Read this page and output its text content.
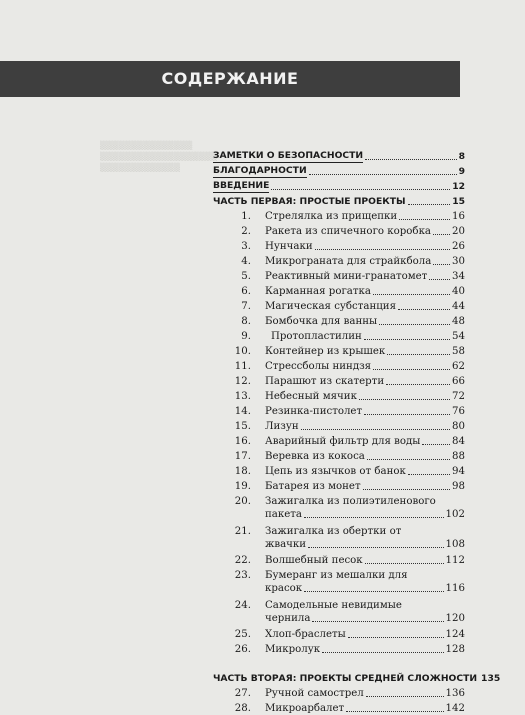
▒▒▒▒▒▒▒▒▒▒▒▒▒▒▒
▒▒▒▒▒▒▒▒▒▒▒▒▒▒▒▒▒▒▒
▒▒▒▒▒▒▒▒▒▒▒▒▒
СОДЕРЖАНИЕ
ЗАМЕТКИ О БЕЗОПАСНОСТИ	8
БЛАГОДАРНОСТИ	9
ВВЕДЕНИЕ	12
ЧАСТЬ ПЕРВАЯ: ПРОСТЫЕ ПРОЕКТЫ	15
1. Стрелялка из прищепки	16
2. Ракета из спичечного коробка 20
3. Нунчаки	26
4. Микрограната для страйкбола 30
5. Реактивный мини-гранатомет 34
6. Карманная рогатка	40
7. Магическая субстанция	44
8. Бомбочка для ванны	48
9. Протопластилин	54
10. Контейнер из крышек	58
11. Стрессболы ниндзя	62
12. Парашют из скатерти	66
13. Небесный мячик	72
14. Резинка-пистолет	76
15. Лизун	80
16. Аварийный фильтр для воды	84
17. Веревка из кокоса	88
18. Цепь из язычков от банок	94
19. Батарея из монет	98
20. Зажигалка из полиэтиленового
пакета	102
21. Зажигалка из обертки от
жвачки	108
22. Волшебный песок	112
23. Бумеранг из мешалки для
красок	116
24. Самодельные невидимые
чернила	120
25. Хлоп-браслеты	124
26. Микролук	128
ЧАСТЬ ВТОРАЯ: ПРОЕКТЫ СРЕДНЕЙ СЛОЖНОСТИ 135
27. Ручной самострел	136
28. Микроарбалет	142
